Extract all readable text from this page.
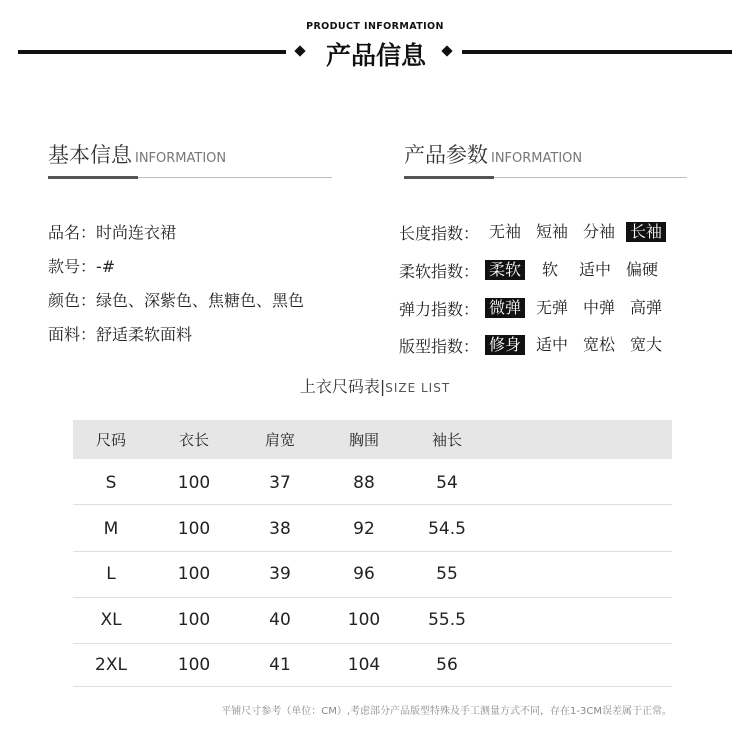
PRODUCT INFORMATION
产品信息
基本信息 INFORMATION
品名：时尚连衣裙
款号：-#
颜色：绿色、深紫色、焦糖色、黑色
面料：舒适柔软面料
产品参数 INFORMATION
长度指数： 无袖 短袖 分袖 长袖
柔软指数： 柔软	软	适中 偏硬
弹力指数： 微弹 无弹 中弹 高弹
版型指数： 修身 适中 宽松 宽大
上衣尺码表|SIZE LIST
尺码	衣长	肩宽	胸围	袖长
S	100	37	88	54
M	100	38	92	54.5
L	100	39	96	55
XL	100	40	100	55.5
2XL	100	41	104	56
平铺尺寸参考（单位：CM）,考虑部分产品版型特殊及手工测量方式不同，存在1-3CM误差属于正常。
